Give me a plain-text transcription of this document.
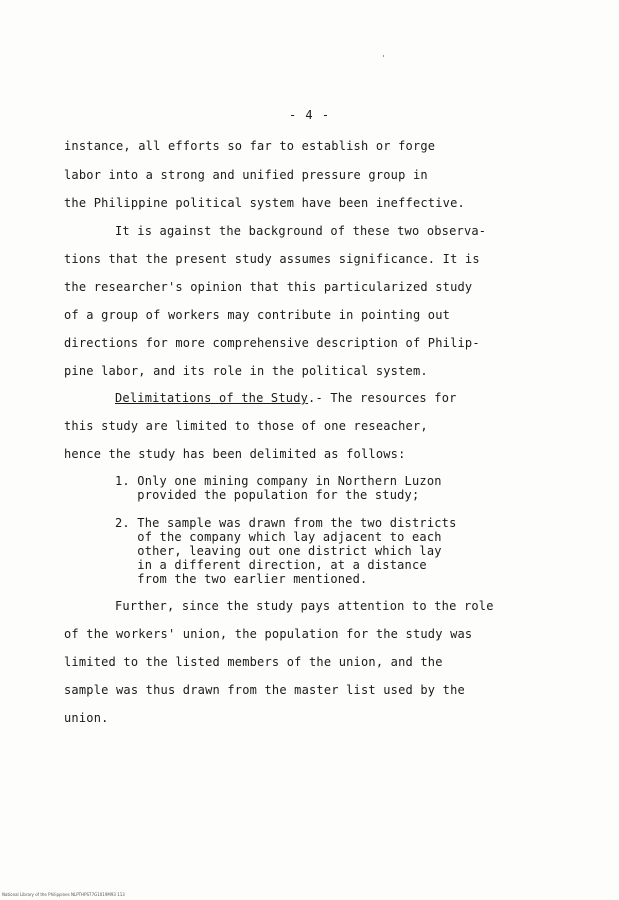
- 4 -
instance, all efforts so far to establish or forge
labor into a strong and unified pressure group in
the Philippine political system have been ineffective.
It is against the background of these two observa-
tions that the present study assumes significance. It is
the researcher's opinion that this particularized study
of a group of workers may contribute in pointing out
directions for more comprehensive description of Philip-
pine labor, and its role in the political system.
Delimitations of the Study.- The resources for
this study are limited to those of one reseacher,
hence the study has been delimited as follows:
1. Only one mining company in Northern Luzon
provided the population for the study;
2. The sample was drawn from the two districts
of the company which lay adjacent to each
other, leaving out one district which lay
in a different direction, at a distance
from the two earlier mentioned.
Further, since the study pays attention to the role
of the workers' union, the population for the study was
limited to the listed members of the union, and the
sample was thus drawn from the master list used by the
union.
National Library of the Philippines NLPTHPS77G1019M93 113
